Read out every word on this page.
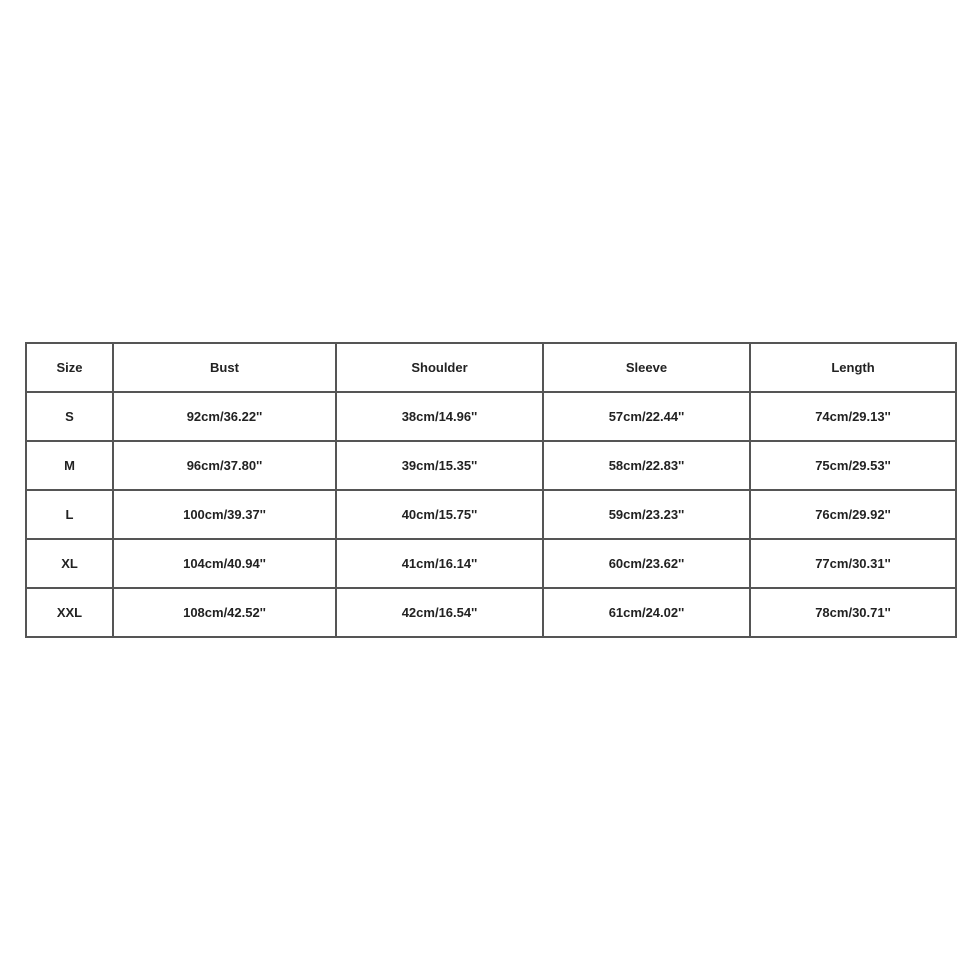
Size	Bust	Shoulder	Sleeve	Length
S	92cm/36.22''	38cm/14.96''	57cm/22.44''	74cm/29.13''
M	96cm/37.80''	39cm/15.35''	58cm/22.83''	75cm/29.53''
L	100cm/39.37''	40cm/15.75''	59cm/23.23''	76cm/29.92''
XL	104cm/40.94''	41cm/16.14''	60cm/23.62''	77cm/30.31''
XXL	108cm/42.52''	42cm/16.54''	61cm/24.02''	78cm/30.71''
